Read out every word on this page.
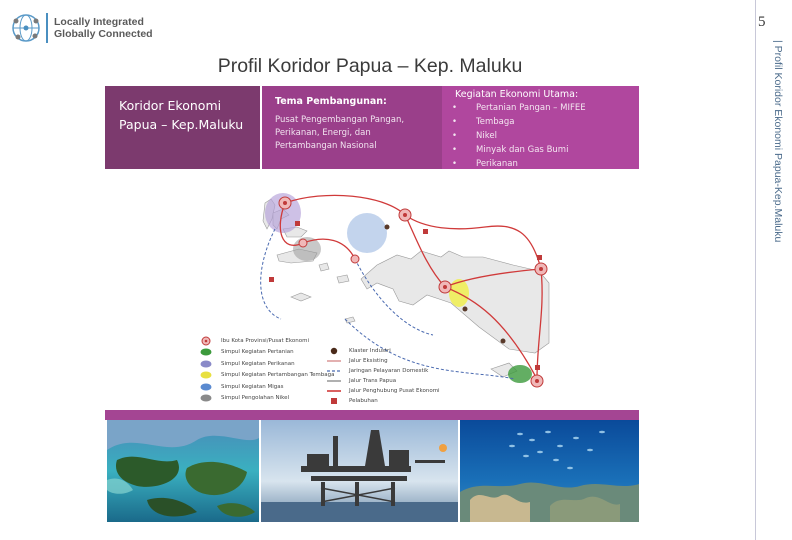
Locally Integrated
Globally Connected
5
| Profil Koridor Ekonomi Papua-Kep.Maluku
Profil Koridor Papua – Kep. Maluku
Koridor Ekonomi Papua – Kep.Maluku
Tema Pembangunan:
Pusat Pengembangan Pangan, Perikanan, Energi, dan Pertambangan Nasional
Kegiatan Ekonomi Utama:
•	Pertanian Pangan – MIFEE
•	Tembaga
•	Nikel
•	Minyak dan Gas Bumi
•	Perikanan
Ibu Kota Provinsi/Pusat Ekonomi
Simpul Kegiatan Pertanian
Simpul Kegiatan Perikanan
Simpul Kegiatan Pertambangan Tembaga
Simpul Kegiatan Migas
Simpul Pengolahan Nikel
Klaster Industri
Jalur Eksisting
Jaringan Pelayaran Domestik
Jalur Trans Papua
Jalur Penghubung Pusat Ekonomi
Pelabuhan
